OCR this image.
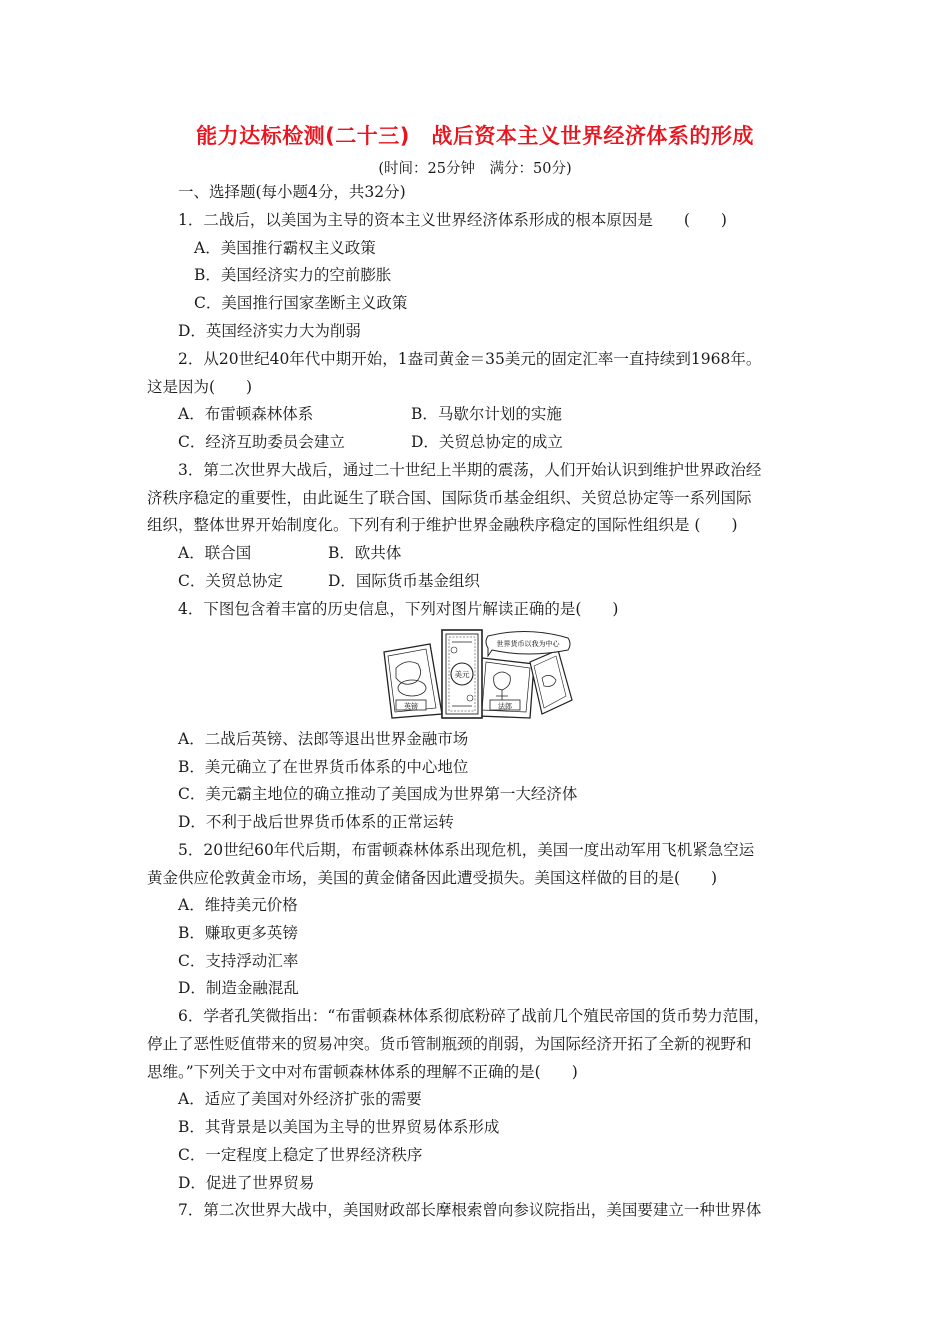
能力达标检测(二十三)　战后资本主义世界经济体系的形成
(时间：25分钟　满分：50分)
一、选择题(每小题4分，共32分)
1．二战后，以美国为主导的资本主义世界经济体系形成的根本原因是　　(　　)
A．美国推行霸权主义政策
B．美国经济实力的空前膨胀
C．美国推行国家垄断主义政策
D．英国经济实力大为削弱
2．从20世纪40年代中期开始，1盎司黄金＝35美元的固定汇率一直持续到1968年。
这是因为(　　)
A．布雷顿森林体系	B．马歇尔计划的实施
C．经济互助委员会建立	D．关贸总协定的成立
3．第二次世界大战后，通过二十世纪上半期的震荡，人们开始认识到维护世界政治经
济秩序稳定的重要性，由此诞生了联合国、国际货币基金组织、关贸总协定等一系列国际
组织，整体世界开始制度化。下列有利于维护世界金融秩序稳定的国际性组织是 (　　)
A．联合国	B．欧共体
C．关贸总协定	D．国际货币基金组织
4．下图包含着丰富的历史信息，下列对图片解读正确的是(　　)
英镑	法郎
美元
世界货币以我为中心
A．二战后英镑、法郎等退出世界金融市场
B．美元确立了在世界货币体系的中心地位
C．美元霸主地位的确立推动了美国成为世界第一大经济体
D．不利于战后世界货币体系的正常运转
5．20世纪60年代后期，布雷顿森林体系出现危机，美国一度出动军用飞机紧急空运
黄金供应伦敦黄金市场，美国的黄金储备因此遭受损失。美国这样做的目的是(　　)
A．维持美元价格
B．赚取更多英镑
C．支持浮动汇率
D．制造金融混乱
6．学者孔笑微指出：“布雷顿森林体系彻底粉碎了战前几个殖民帝国的货币势力范围，
停止了恶性贬值带来的贸易冲突。货币管制瓶颈的削弱，为国际经济开拓了全新的视野和
思维。”下列关于文中对布雷顿森林体系的理解不正确的是(　　)
A．适应了美国对外经济扩张的需要
B．其背景是以美国为主导的世界贸易体系形成
C．一定程度上稳定了世界经济秩序
D．促进了世界贸易
7．第二次世界大战中，美国财政部长摩根索曾向参议院指出，美国要建立一种世界体
